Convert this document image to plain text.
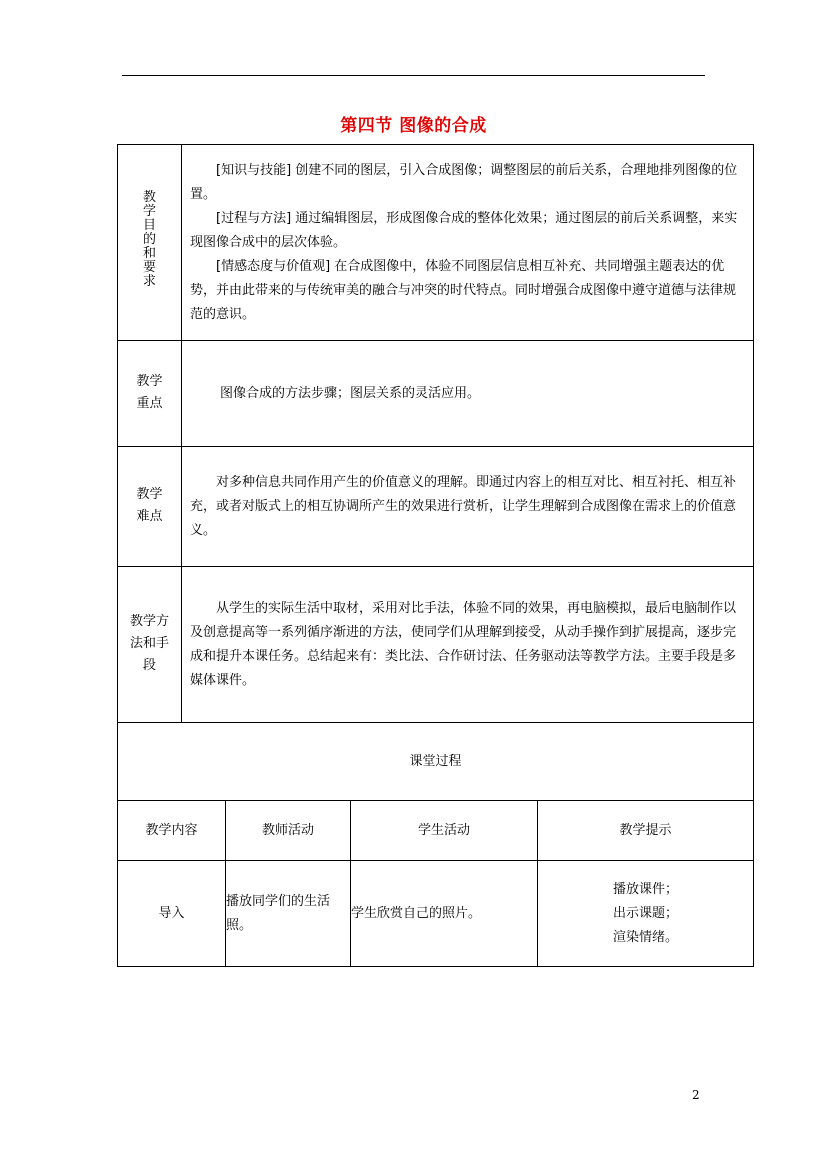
第四节 图像的合成
教学目的和要求	[知识与技能] 创建不同的图层，引入合成图像；调整图层的前后关系，合理地排列图像的位置。

[过程与方法] 通过编辑图层，形成图像合成的整体化效果；通过图层的前后关系调整，来实现图像合成中的层次体验。

[情感态度与价值观] 在合成图像中，体验不同图层信息相互补充、共同增强主题表达的优势，并由此带来的与传统审美的融合与冲突的时代特点。同时增强合成图像中遵守道德与法律规范的意识。			

教学
重点	图像合成的方法步骤；图层关系的灵活应用。			

教学
难点	对多种信息共同作用产生的价值意义的理解。即通过内容上的相互对比、相互衬托、相互补充，或者对版式上的相互协调所产生的效果进行赏析，让学生理解到合成图像在需求上的价值意义。			

教学方法和手段	从学生的实际生活中取材，采用对比手法，体验不同的效果，再电脑模拟，最后电脑制作以及创意提高等一系列循序渐进的方法，使同学们从理解到接受，从动手操作到扩展提高，逐步完成和提升本课任务。总结起来有：类比法、合作研讨法、任务驱动法等教学方法。主要手段是多媒体课件。			

课堂过程				
教学内容		教师活动	学生活动	教学提示
导入		播放同学们的生活照。	学生欣赏自己的照片。	播放课件；
出示课题；
渲染情绪。
2
